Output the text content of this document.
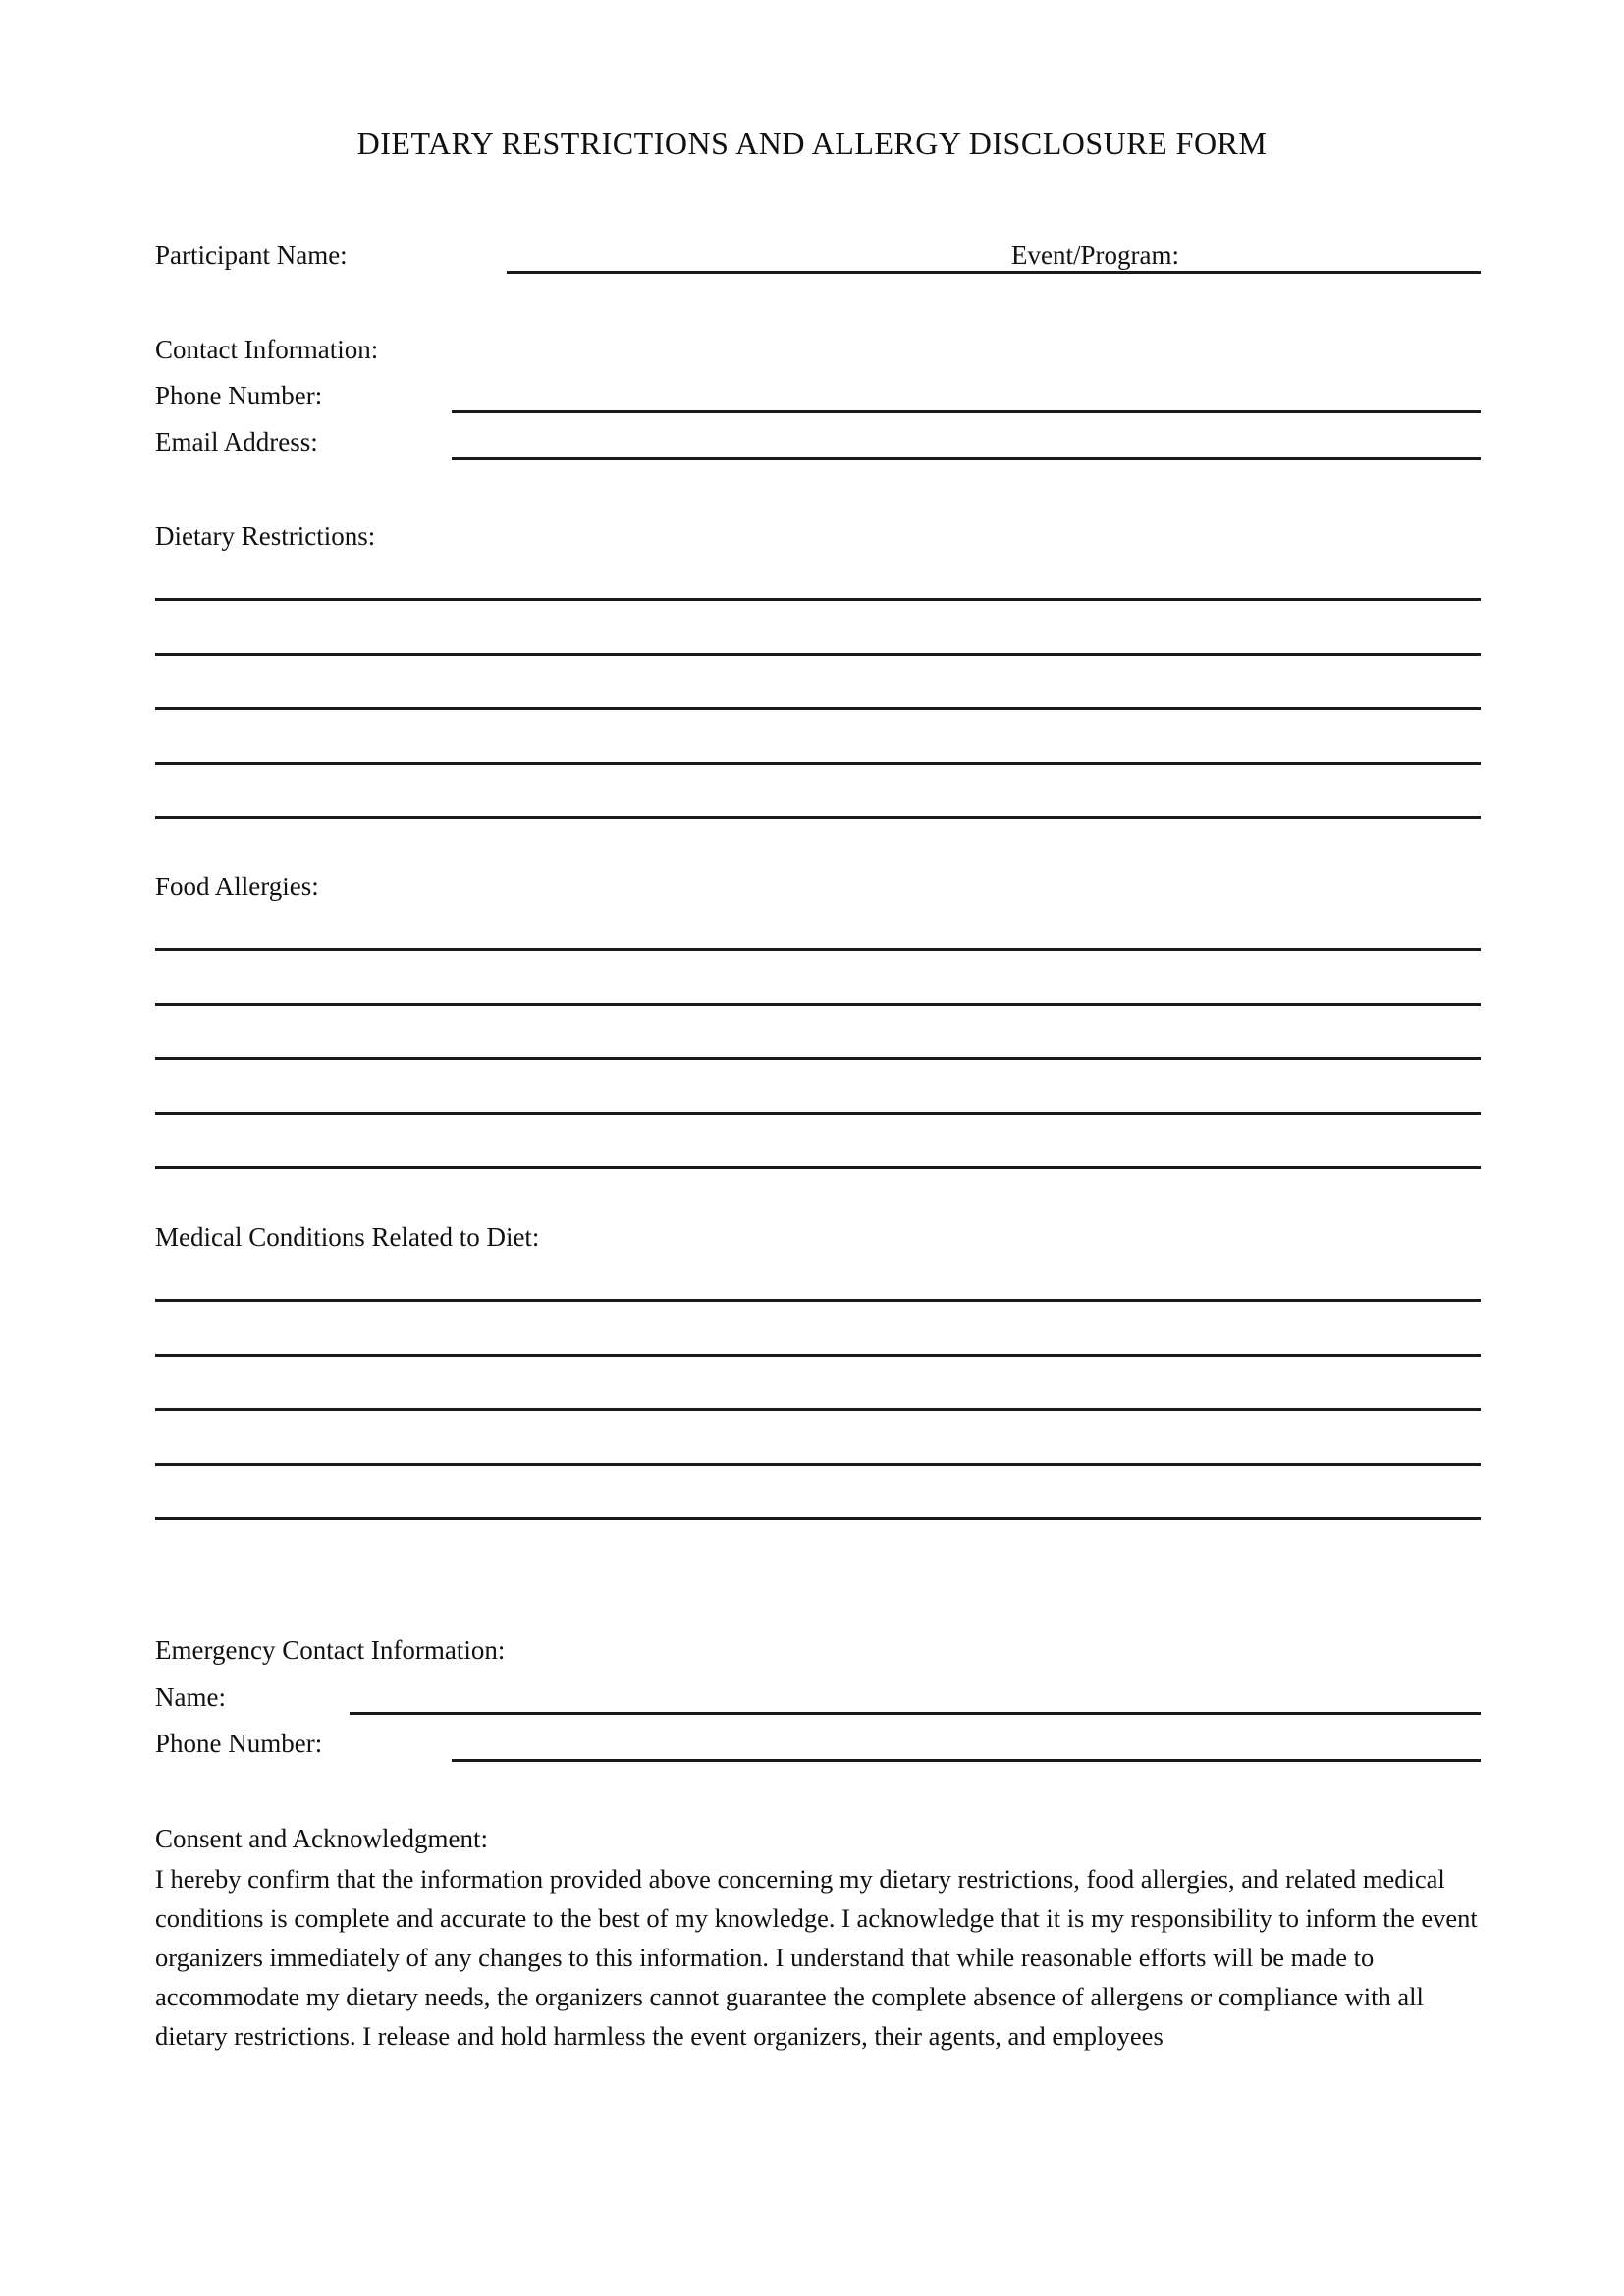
DIETARY RESTRICTIONS AND ALLERGY DISCLOSURE FORM
Participant Name:	Event/Program:
Contact Information:
Phone Number:
Email Address:
Dietary Restrictions:
Food Allergies:
Medical Conditions Related to Diet:
Emergency Contact Information:
Name:
Phone Number:
Consent and Acknowledgment:
I hereby confirm that the information provided above concerning my dietary restrictions, food allergies, and related medical conditions is complete and accurate to the best of my knowledge. I acknowledge that it is my responsibility to inform the event organizers immediately of any changes to this information. I understand that while reasonable efforts will be made to accommodate my dietary needs, the organizers cannot guarantee the complete absence of allergens or compliance with all dietary restrictions. I release and hold harmless the event organizers, their agents, and employees
